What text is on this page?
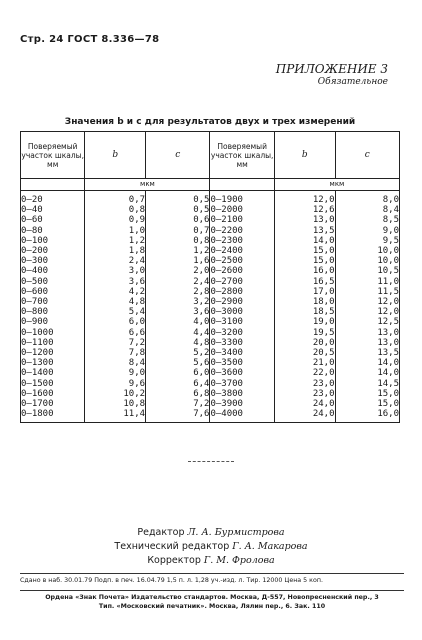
Стр. 24 ГОСТ 8.336—78
ПРИЛОЖЕНИЕ 3
Обязательное
Значения b и c для результатов двух и трех измерений
Поверяемый участок шкалы, мм	b	c	Поверяемый участок шкалы, мм	b	c
	мкм			мкм	
0—20	0,7	0,5	0—1900	12,0	8,0
0—40	0,8	0,5	0—2000	12,6	8,4
0—60	0,9	0,6	0—2100	13,0	8,5
0—80	1,0	0,7	0—2200	13,5	9,0
0—100	1,2	0,8	0—2300	14,0	9,5
0—200	1,8	1,2	0—2400	15,0	10,0
0—300	2,4	1,6	0—2500	15,0	10,0
0—400	3,0	2,0	0—2600	16,0	10,5
0—500	3,6	2,4	0—2700	16,5	11,0
0—600	4,2	2,8	0—2800	17,0	11,5
0—700	4,8	3,2	0—2900	18,0	12,0
0—800	5,4	3,6	0—3000	18,5	12,0
0—900	6,0	4,0	0—3100	19,0	12,5
0—1000	6,6	4,4	0—3200	19,5	13,0
0—1100	7,2	4,8	0—3300	20,0	13,0
0—1200	7,8	5,2	0—3400	20,5	13,5
0—1300	8,4	5,6	0—3500	21,0	14,0
0—1400	9,0	6,0	0—3600	22,0	14,0
0—1500	9,6	6,4	0—3700	23,0	14,5
0—1600	10,2	6,8	0—3800	23,0	15,0
0—1700	10,8	7,2	0—3900	24,0	15,0
0—1800	11,4	7,6	0—4000	24,0	16,0
Редактор Л. А. Бурмистрова
Технический редактор Г. А. Макарова
Корректор Г. М. Фролова
Сдано в наб. 30.01.79 Подп. в печ. 16.04.79 1,5 п. л. 1,28 уч.-изд. л. Тир. 12000 Цена 5 коп.
Ордена «Знак Почета» Издательство стандартов. Москва, Д-557, Новопресненский пер., 3
Тип. «Московский печатник». Москва, Лялин пер., 6. Зак. 110
